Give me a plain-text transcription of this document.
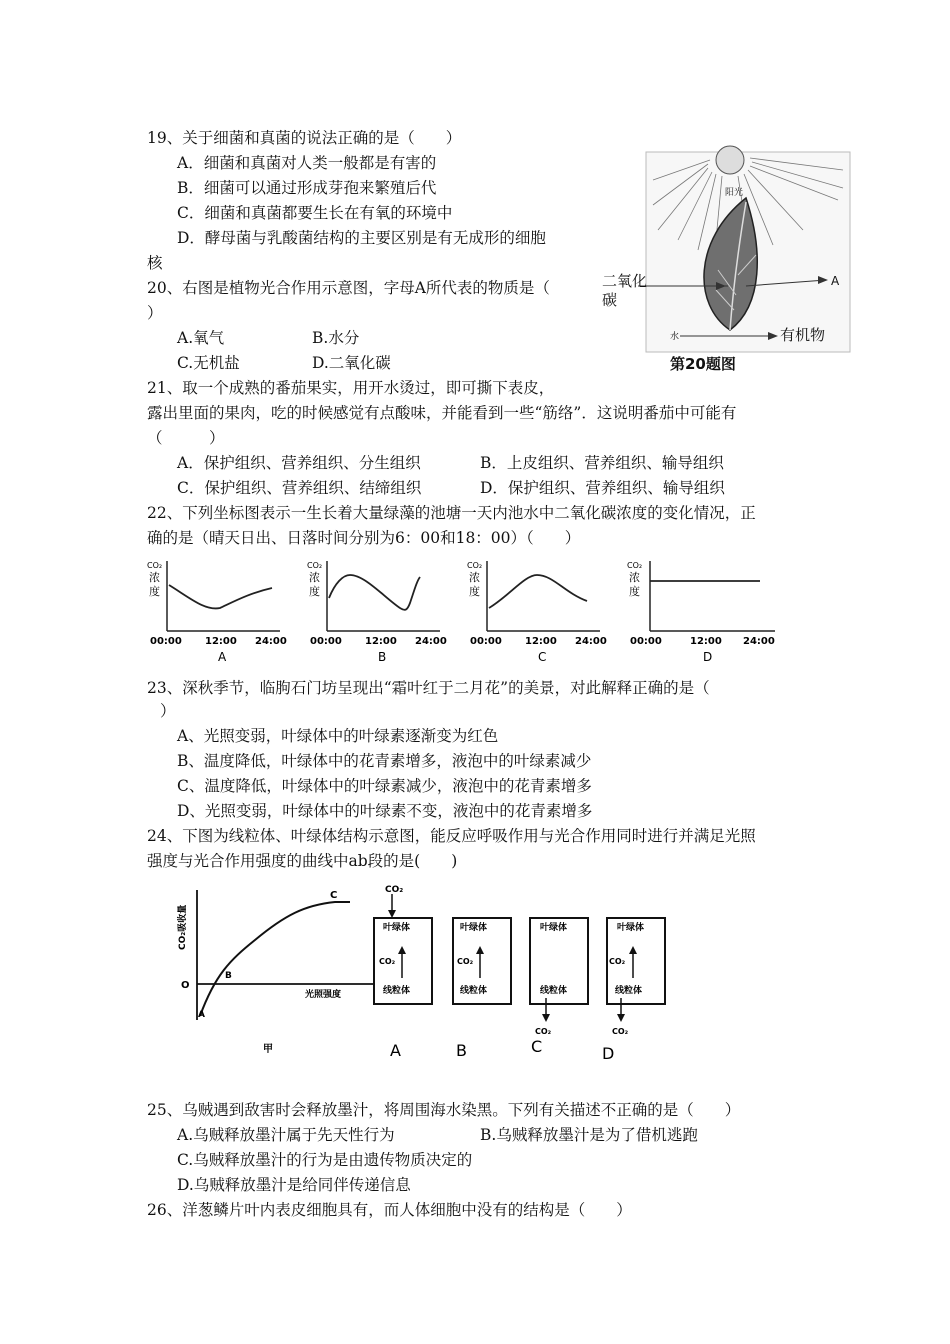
19、关于细菌和真菌的说法正确的是（　　）
A．细菌和真菌对人类一般都是有害的
B．细菌可以通过形成芽孢来繁殖后代
C．细菌和真菌都要生长在有氧的环境中
D．酵母菌与乳酸菌结构的主要区别是有无成形的细胞
核
20、右图是植物光合作用示意图，字母A所代表的物质是（
）
A.氧气	B.水分
C.无机盐	D.二氧化碳
阳光
二氧化
碳
A
水	有机物
第20题图
21、取一个成熟的番茄果实，用开水烫过，即可撕下表皮，
露出里面的果肉，吃的时候感觉有点酸味，并能看到一些“筋络”．这说明番茄中可能有
（　　　）
A．保护组织、营养组织、分生组织	B．上皮组织、营养组织、输导组织
C．保护组织、营养组织、结缔组织	D．保护组织、营养组织、输导组织
22、下列坐标图表示一生长着大量绿藻的池塘一天内池水中二氧化碳浓度的变化情况，正
确的是（晴天日出、日落时间分别为6：00和18：00）（　　）
CO₂
浓
度
00:00 12:00 24:00
A
CO₂
浓
度
00:00 12:00 24:00
B
CO₂
浓
度
00:00 12:00 24:00
C
CO₂
浓
度
00:00	12:00 24:00
D
23、深秋季节，临朐石门坊呈现出“霜叶红于二月花”的美景，对此解释正确的是（
）
A、光照变弱，叶绿体中的叶绿素逐渐变为红色
B、温度降低，叶绿体中的花青素增多，液泡中的叶绿素减少
C、温度降低，叶绿体中的叶绿素减少，液泡中的花青素增多
D、光照变弱，叶绿体中的叶绿素不变，液泡中的花青素增多
24、下图为线粒体、叶绿体结构示意图，能反应呼吸作用与光合作用同时进行并满足光照
强度与光合作用强度的曲线中ab段的是(　　)
CO₂吸收量
光照强度
O
A
B
C
甲
CO₂
叶绿体
CO₂
线粒体
A
叶绿体
CO₂
线粒体
B
叶绿体
线粒体
CO₂
C
叶绿体
CO₂
线粒体
CO₂
D
25、乌贼遇到敌害时会释放墨汁，将周围海水染黑。下列有关描述不正确的是（　　）
A.乌贼释放墨汁属于先天性行为	B.乌贼释放墨汁是为了借机逃跑
C.乌贼释放墨汁的行为是由遗传物质决定的
D.乌贼释放墨汁是给同伴传递信息
26、洋葱鳞片叶内表皮细胞具有，而人体细胞中没有的结构是（　　）
